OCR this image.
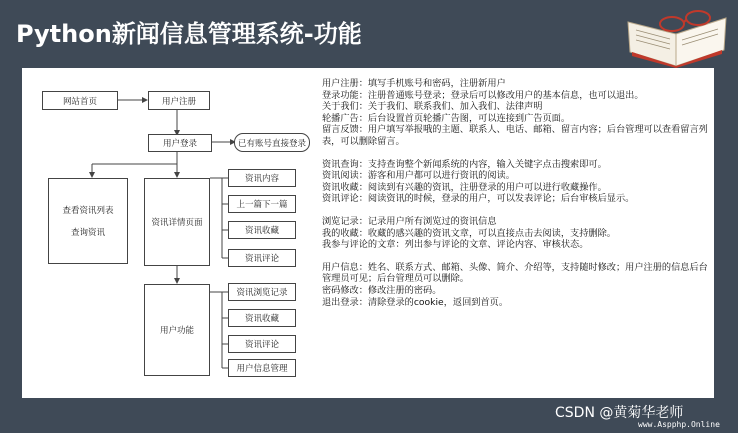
Python新闻信息管理系统-功能
网站首页	用户注册
用户登录	已有账号直接登录
查看资讯列表
查询资讯
资讯详情页面
资讯内容
上一篇下一篇
资讯收藏
资讯评论
用户功能
资讯浏览记录
资讯收藏
资讯评论
用户信息管理
用户注册：填写手机账号和密码，注册新用户
登录功能：注册普通账号登录；登录后可以修改用户的基本信息，也可以退出。
关于我们：关于我们、联系我们、加入我们、法律声明
轮播广告：后台设置首页轮播广告图，可以连接到广告页面。
留言反馈：用户填写举报哦的主题、联系人、电话、邮箱、留言内容；后台管理可以查看留言列表，可以删除留言。
资讯查询：支持查询整个新闻系统的内容，输入关键字点击搜索即可。
资讯阅读：游客和用户都可以进行资讯的阅读。
资讯收藏：阅读到有兴趣的资讯，注册登录的用户可以进行收藏操作。
资讯评论：阅读资讯的时候，登录的用户，可以发表评论；后台审核后显示。
浏览记录：记录用户所有浏览过的资讯信息
我的收藏：收藏的感兴趣的资讯文章，可以直接点击去阅读，支持删除。
我参与评论的文章：列出参与评论的文章、评论内容、审核状态。
用户信息：姓名、联系方式、邮箱、头像、简介、介绍等，支持随时修改；用户注册的信息后台管理员可见；后台管理员可以删除。
密码修改：修改注册的密码。
退出登录：清除登录的cookie，返回到首页。
CSDN @黄菊华老师
www.Aspphp.Online
